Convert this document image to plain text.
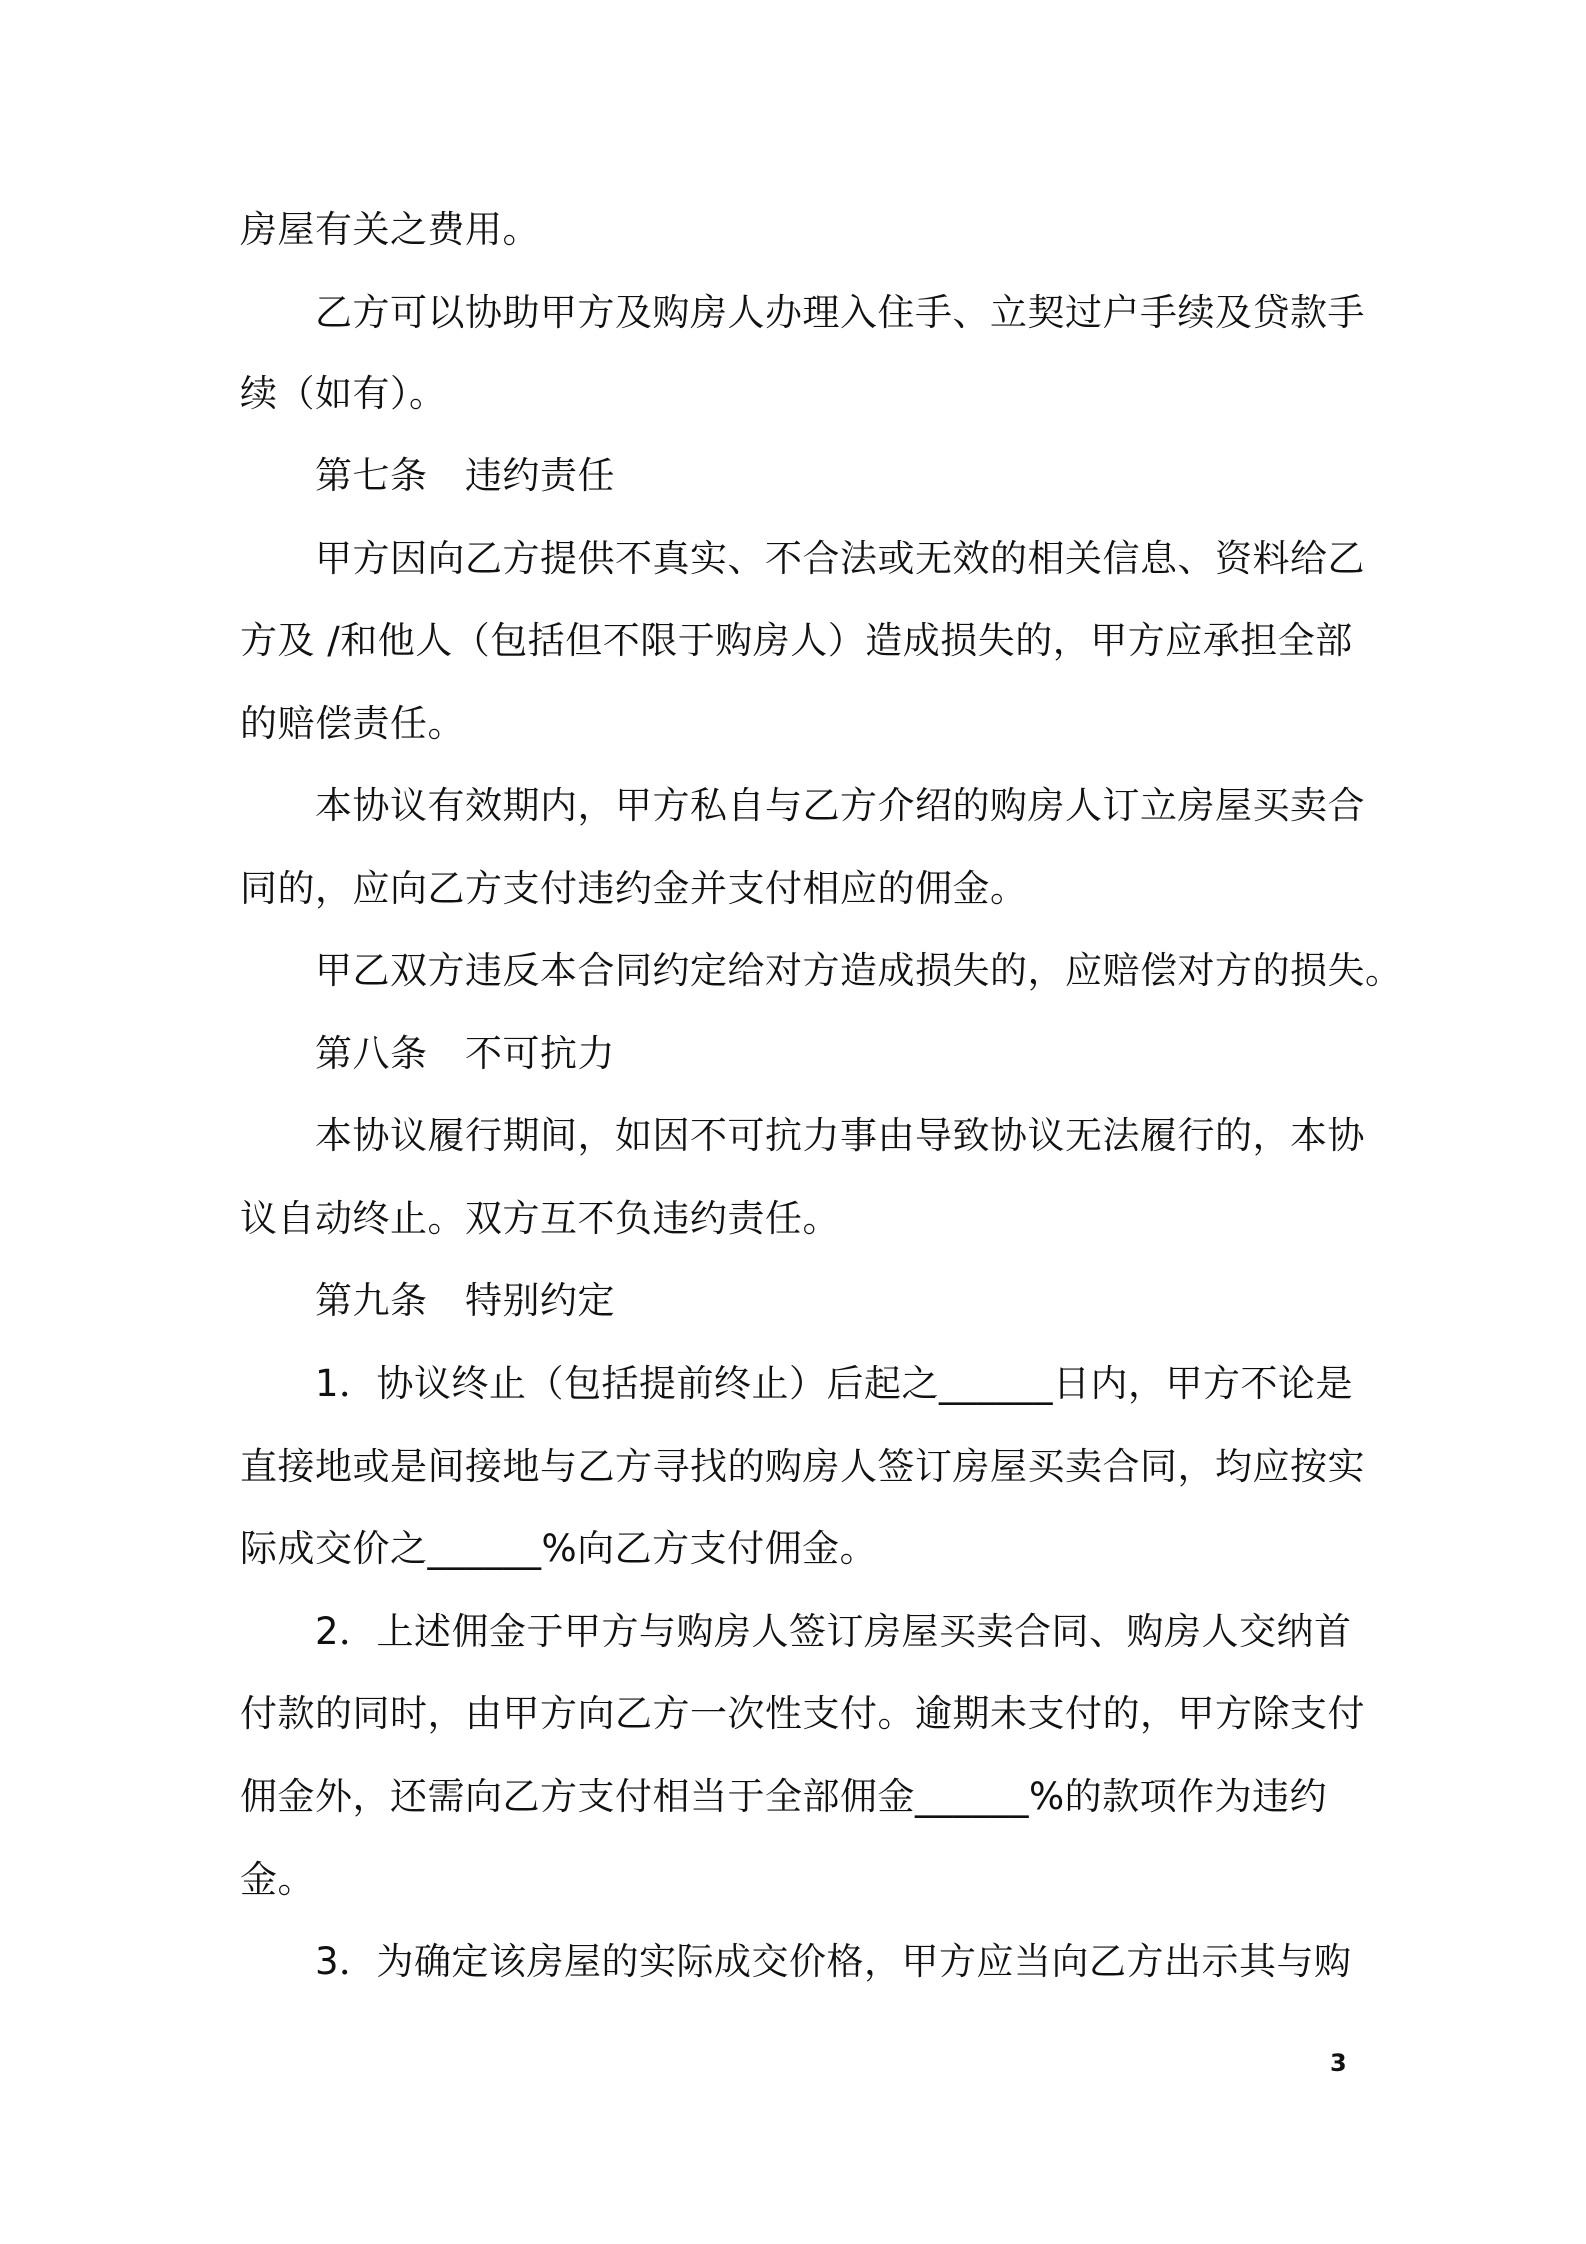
房屋有关之费用。
乙方可以协助甲方及购房人办理入住手、立契过户手续及贷款手
续（如有）。
第七条　违约责任
甲方因向乙方提供不真实、不合法或无效的相关信息、资料给乙
方及 /和他人（包括但不限于购房人）造成损失的，甲方应承担全部
的赔偿责任。
本协议有效期内，甲方私自与乙方介绍的购房人订立房屋买卖合
同的，应向乙方支付违约金并支付相应的佣金。
甲乙双方违反本合同约定给对方造成损失的，应赔偿对方的损失。
第八条　不可抗力
本协议履行期间，如因不可抗力事由导致协议无法履行的，本协
议自动终止。双方互不负违约责任。
第九条　特别约定
1．协议终止（包括提前终止）后起之______日内，甲方不论是
直接地或是间接地与乙方寻找的购房人签订房屋买卖合同，均应按实
际成交价之______%向乙方支付佣金。
2．上述佣金于甲方与购房人签订房屋买卖合同、购房人交纳首
付款的同时，由甲方向乙方一次性支付。逾期未支付的，甲方除支付
佣金外，还需向乙方支付相当于全部佣金______%的款项作为违约
金。
3．为确定该房屋的实际成交价格，甲方应当向乙方出示其与购
3
